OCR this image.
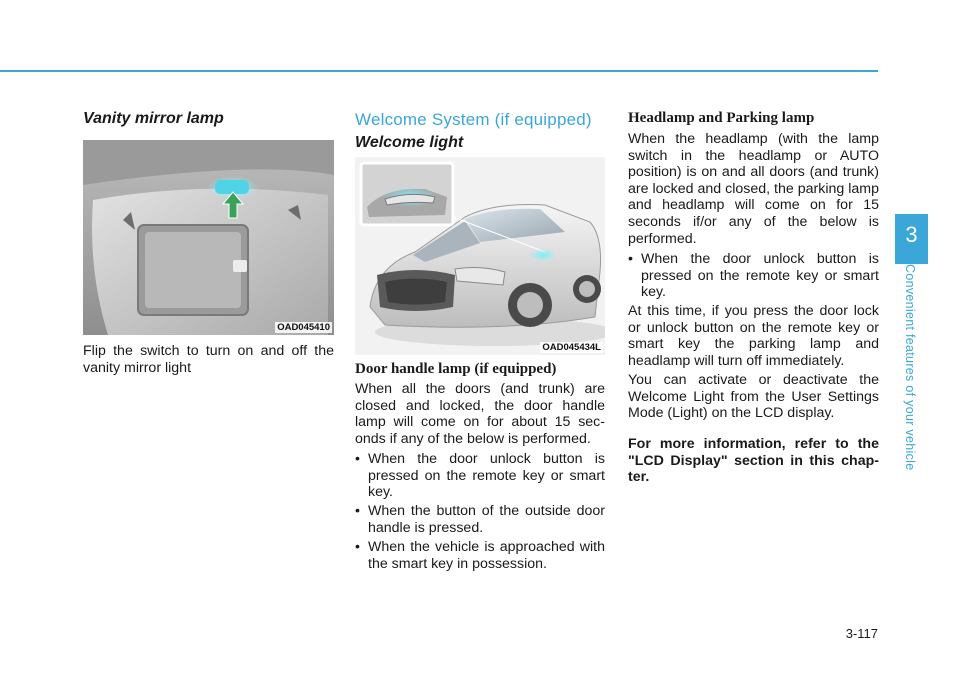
Vanity mirror lamp
OAD045410
Flip the switch to turn on and off the vanity mirror light
Welcome System (if equipped)
Welcome light
OAD045434L
Door handle lamp (if equipped)
When all the doors (and trunk) are closed and locked, the door handle lamp will come on for about 15 sec-onds if any of the below is performed.
• When the door unlock button is pressed on the remote key or smart key.
• When the button of the outside door handle is pressed.
• When the vehicle is approached with the smart key in possession.
Headlamp and Parking lamp
When the headlamp (with the lamp switch in the headlamp or AUTO position) is on and all doors (and trunk) are locked and closed, the parking lamp and headlamp will come on for 15 seconds if/or any of the below is performed.
• When the door unlock button is pressed on the remote key or smart key.
At this time, if you press the door lock or unlock button on the remote key or smart key the parking lamp and headlamp will turn off immediately.
You can activate or deactivate the Welcome Light from the User Settings Mode (Light) on the LCD display.
For more information, refer to the "LCD Display" section in this chap-ter.
3
Convenient features of your vehicle
3-117
